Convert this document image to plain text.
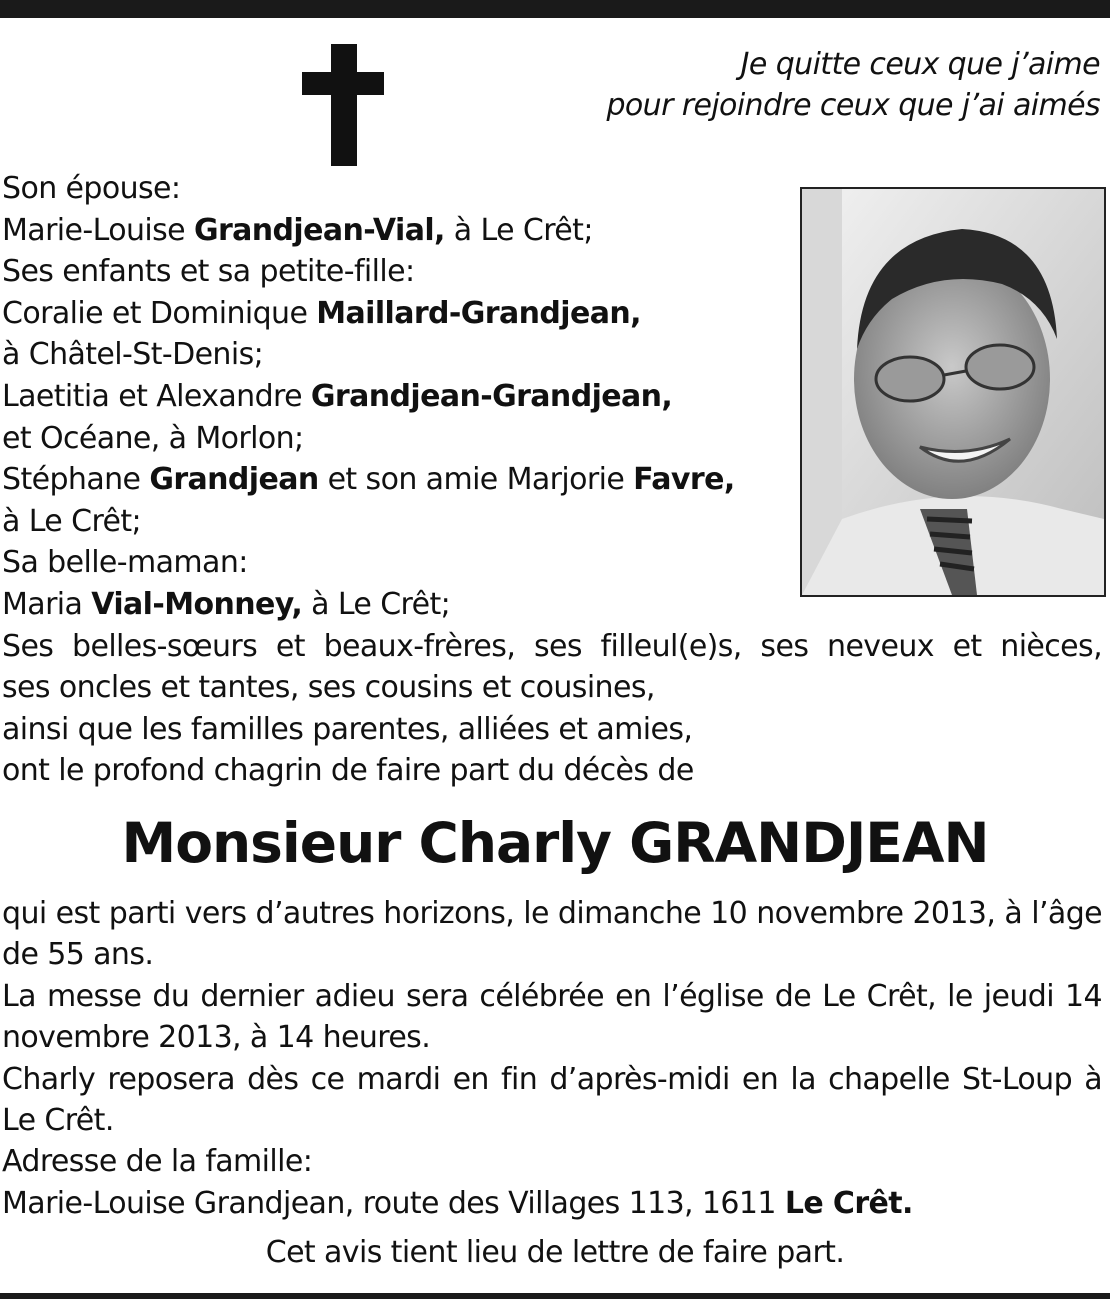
Je quitte ceux que j’aime
pour rejoindre ceux que j’ai aimés
Son épouse:
Marie-Louise Grandjean-Vial, à Le Crêt;
Ses enfants et sa petite-fille:
Coralie et Dominique Maillard-Grandjean,
à Châtel-St-Denis;
Laetitia et Alexandre Grandjean-Grandjean,
et Océane, à Morlon;
Stéphane Grandjean et son amie Marjorie Favre,
à Le Crêt;
Sa belle-maman:
Maria Vial-Monney, à Le Crêt;
Ses belles-sœurs et beaux-frères, ses filleul(e)s, ses neveux et nièces,
ses oncles et tantes, ses cousins et cousines,
ainsi que les familles parentes, alliées et amies,
ont le profond chagrin de faire part du décès de
Monsieur Charly GRANDJEAN

qui est parti vers d’autres horizons, le dimanche 10 novembre 2013, à l’âge de 55 ans.

La messe du dernier adieu sera célébrée en l’église de Le Crêt, le jeudi 14 novembre 2013, à 14 heures.

Charly reposera dès ce mardi en fin d’après-midi en la chapelle St-Loup à Le Crêt.

Adresse de la famille:

Marie-Louise Grandjean, route des Villages 113, 1611 Le Crêt.

Cet avis tient lieu de lettre de faire part.
